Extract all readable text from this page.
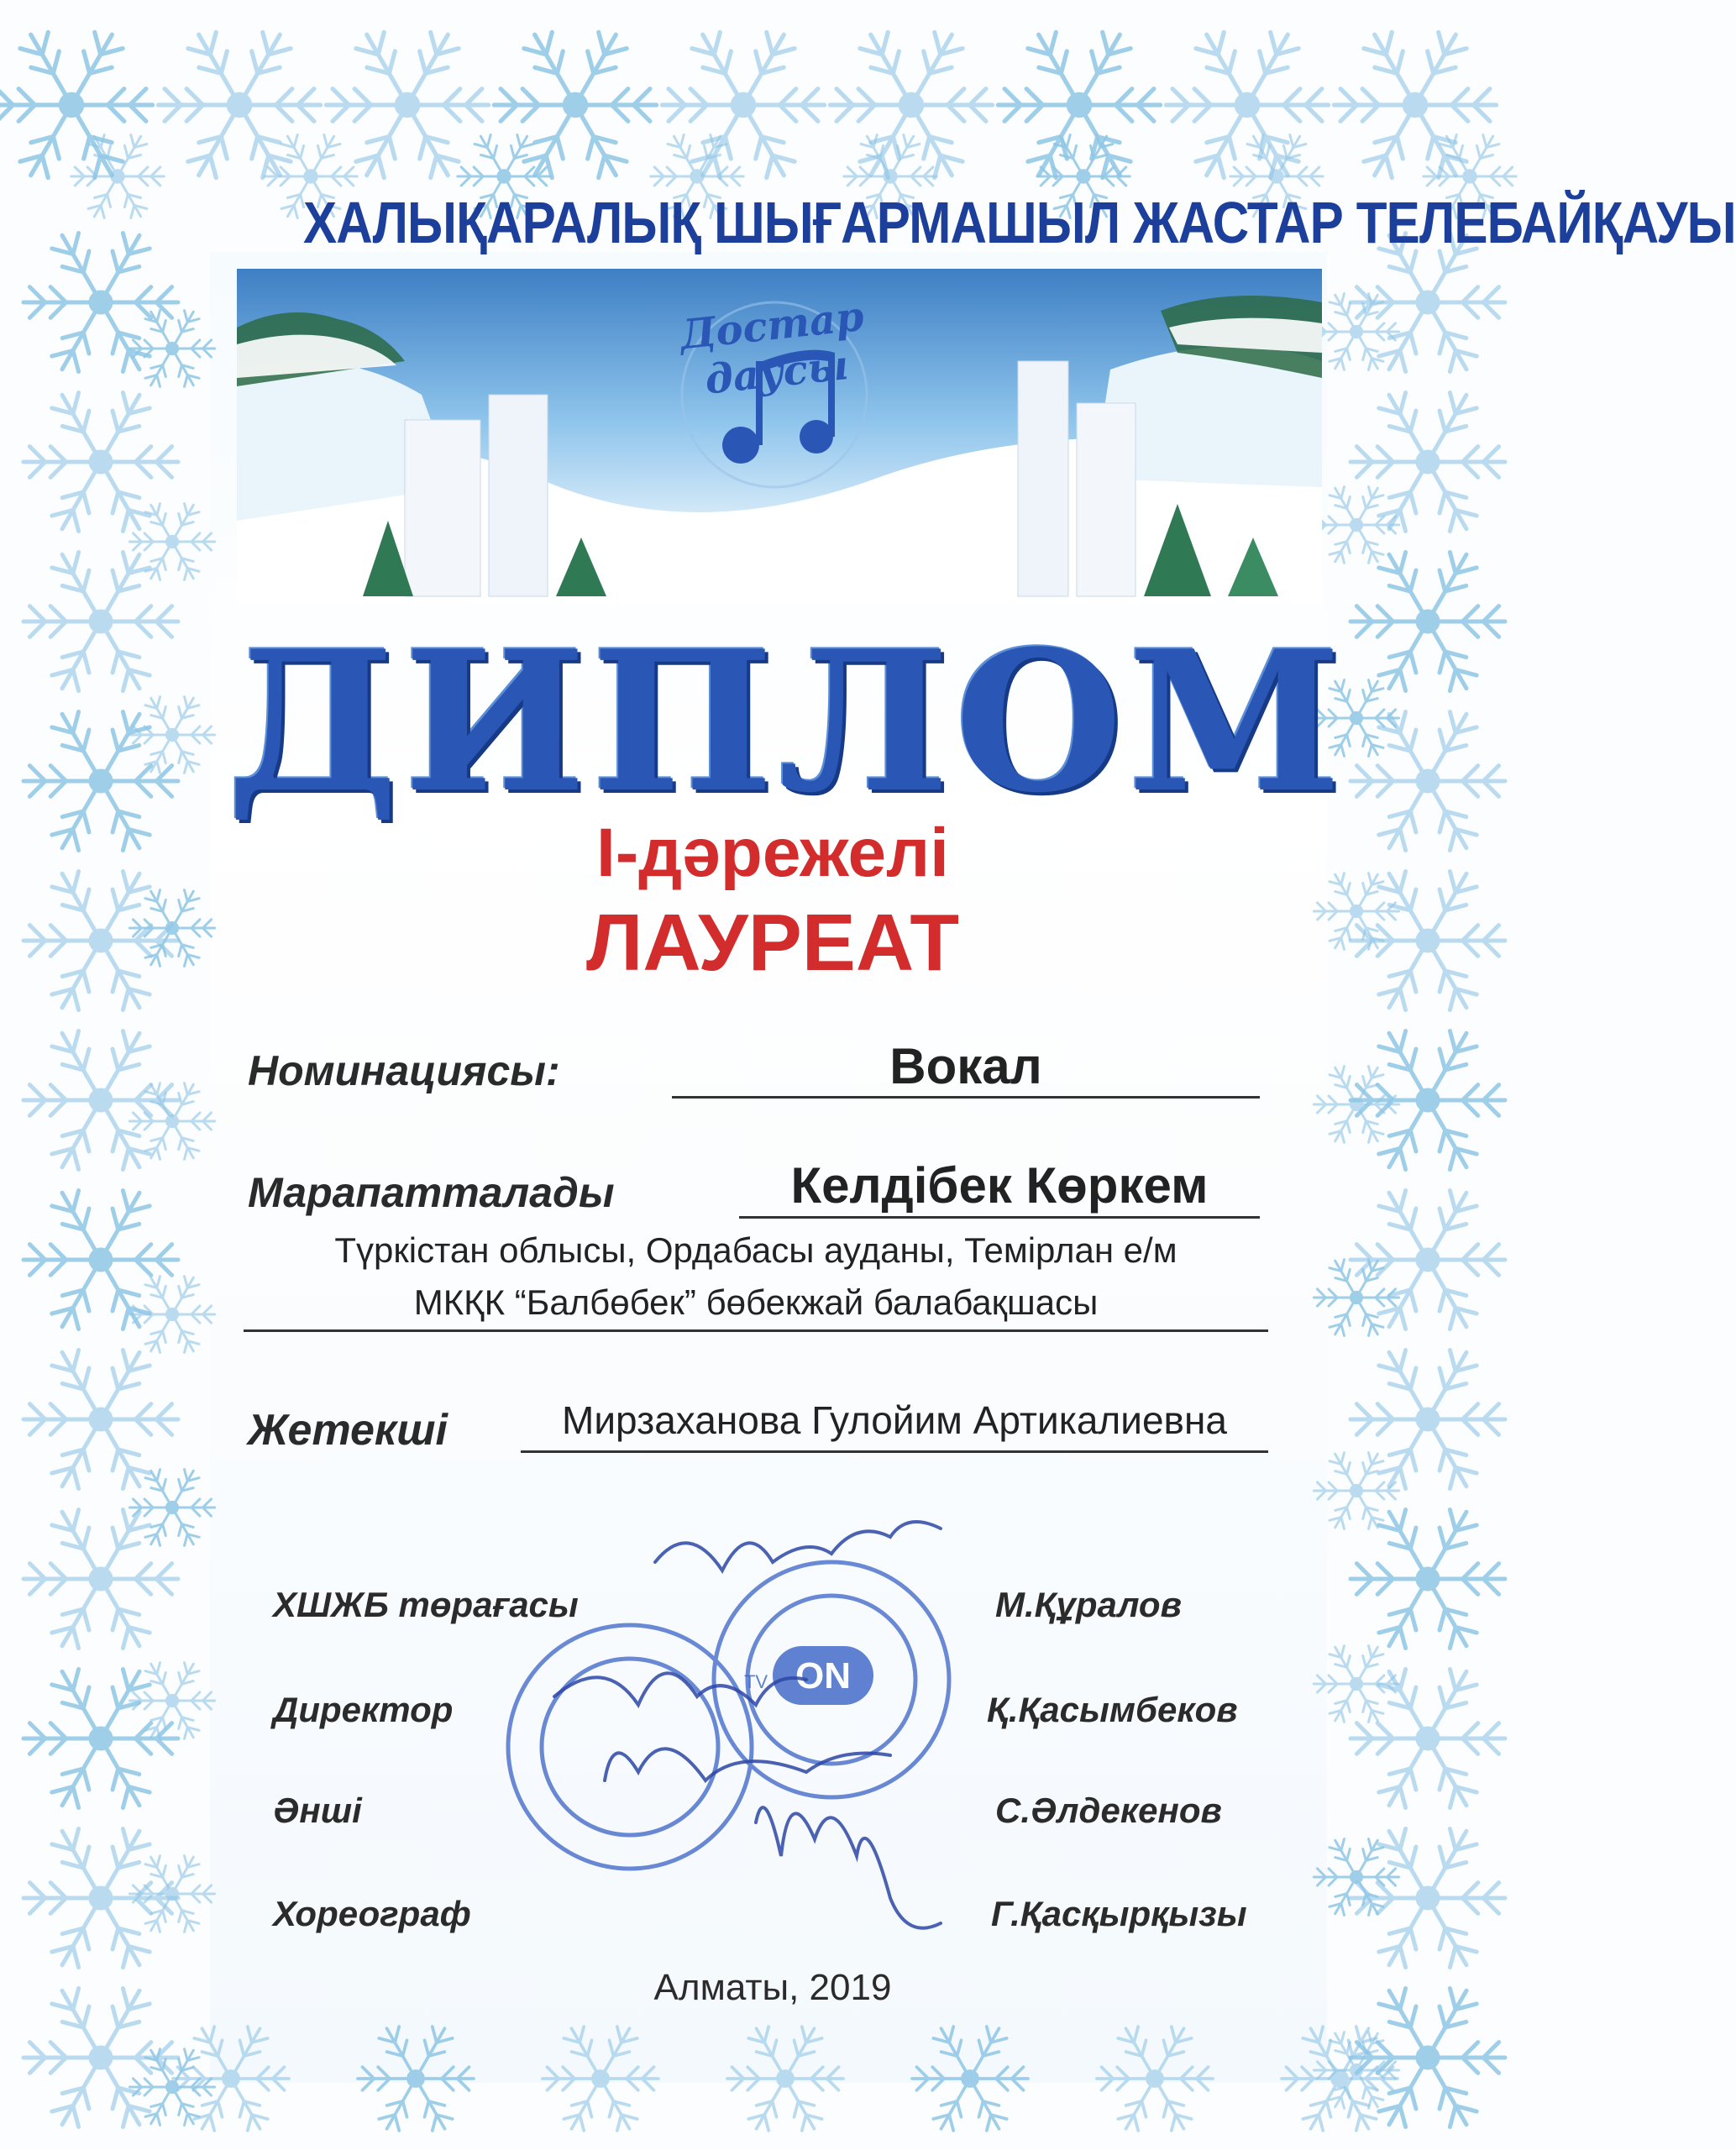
ХАЛЫҚАРАЛЫҚ ШЫҒАРМАШЫЛ ЖАСТАР ТЕЛЕБАЙҚАУЫ
Достар даусы
ДИПЛОМ
І-дәрежелі
ЛАУРЕАТ
Номинациясы:	Вокал
Марапатталады	Келдібек Көркем
Түркістан облысы, Ордабасы ауданы, Темірлан е/м
МКҚК “Балбөбек” бөбекжай балабақшасы
Жетекші	Мирзаханова Гулойим Артикалиевна
ХШЖБ төрағасы	М.Құралов
Директор	Қ.Қасымбеков
Әнші	С.Әлдекенов
Хореограф	Г.Қасқырқызы
ON
TV
Алматы, 2019
